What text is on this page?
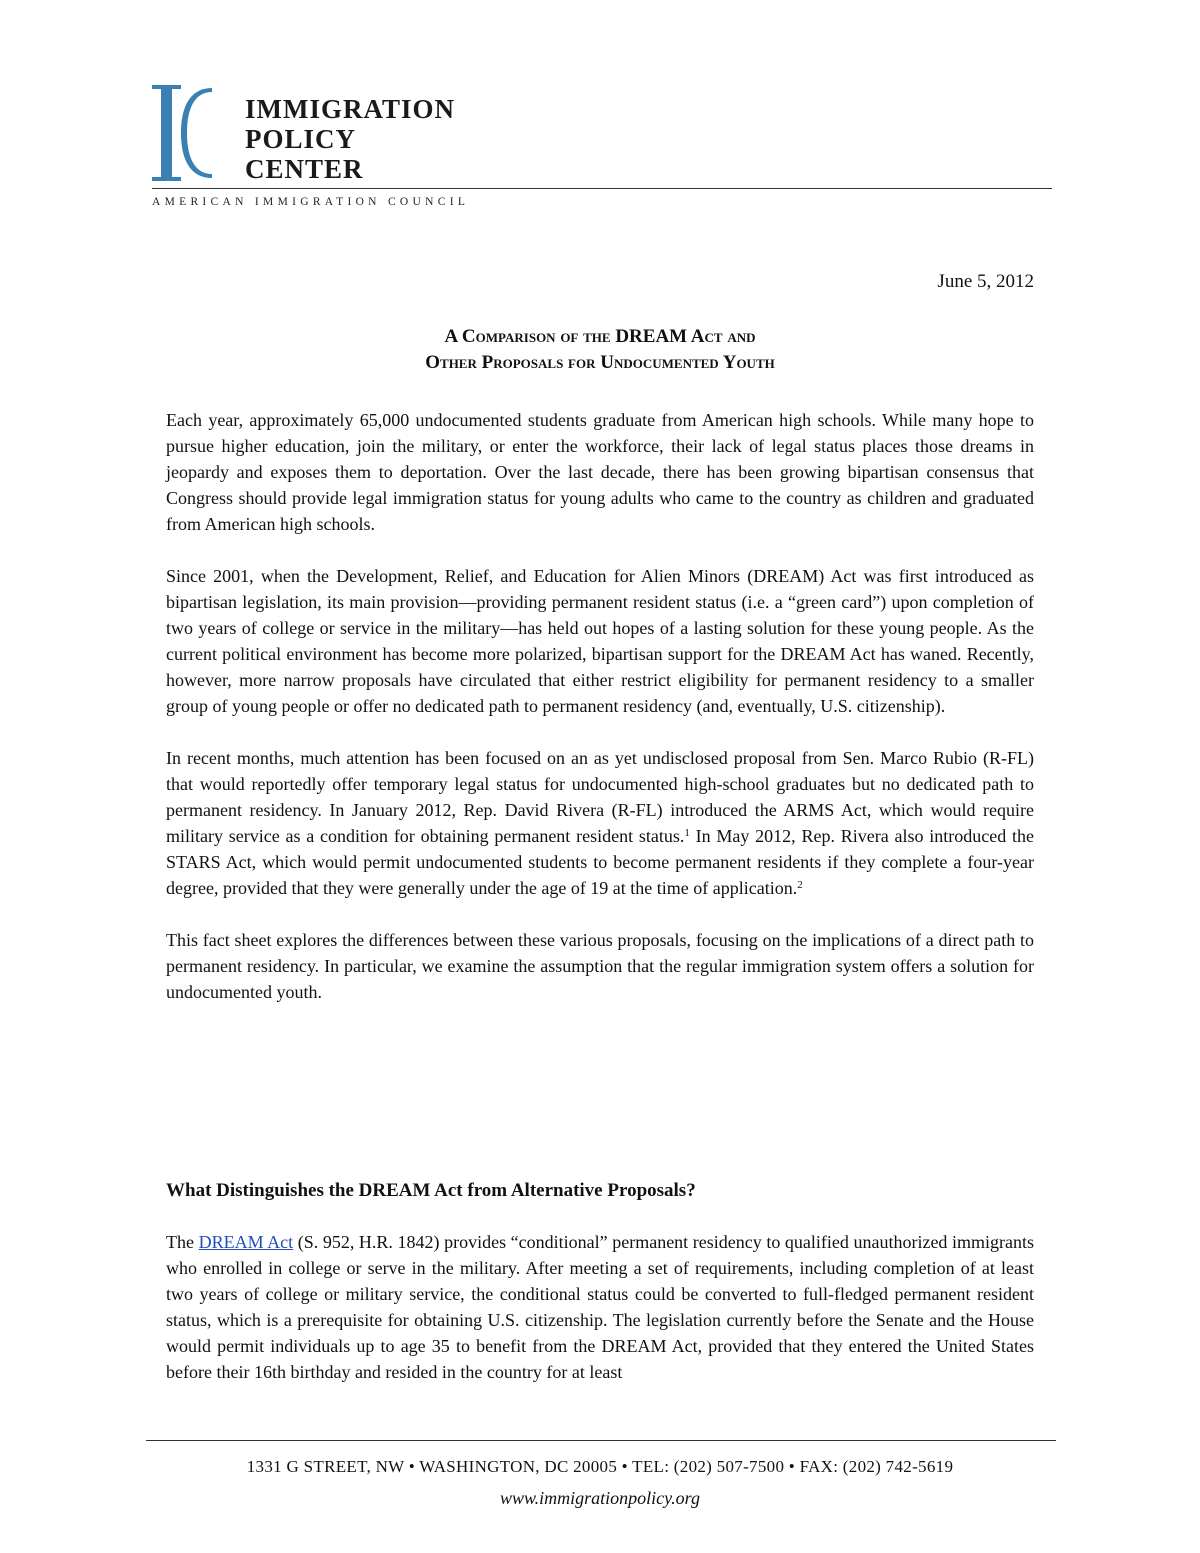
IMMIGRATION
POLICY
CENTER
AMERICAN IMMIGRATION COUNCIL
June 5, 2012
A Comparison of the DREAM Act and
Other Proposals for Undocumented Youth

Each year, approximately 65,000 undocumented students graduate from American high schools. While many hope to pursue higher education, join the military, or enter the workforce, their lack of legal status places those dreams in jeopardy and exposes them to deportation. Over the last decade, there has been growing bipartisan consensus that Congress should provide legal immigration status for young adults who came to the country as children and graduated from American high schools.

Since 2001, when the Development, Relief, and Education for Alien Minors (DREAM) Act was first introduced as bipartisan legislation, its main provision—providing permanent resident status (i.e. a “green card”) upon completion of two years of college or service in the military—has held out hopes of a lasting solution for these young people. As the current political environment has become more polarized, bipartisan support for the DREAM Act has waned. Recently, however, more narrow proposals have circulated that either restrict eligibility for permanent residency to a smaller group of young people or offer no dedicated path to permanent residency (and, eventually, U.S. citizenship).

In recent months, much attention has been focused on an as yet undisclosed proposal from Sen. Marco Rubio (R-FL) that would reportedly offer temporary legal status for undocumented high-school graduates but no dedicated path to permanent residency. In January 2012, Rep. David Rivera (R-FL) introduced the ARMS Act, which would require military service as a condition for obtaining permanent resident status.$^1$ In May 2012, Rep. Rivera also introduced the STARS Act, which would permit undocumented students to become permanent residents if they complete a four-year degree, provided that they were generally under the age of 19 at the time of application.$^2$

This fact sheet explores the differences between these various proposals, focusing on the implications of a direct path to permanent residency. In particular, we examine the assumption that the regular immigration system offers a solution for undocumented youth.

What Distinguishes the DREAM Act from Alternative Proposals?

The DREAM Act (S. 952, H.R. 1842) provides “conditional” permanent residency to qualified unauthorized immigrants who enrolled in college or serve in the military. After meeting a set of requirements, including completion of at least two years of college or military service, the conditional status could be converted to full-fledged permanent resident status, which is a prerequisite for obtaining U.S. citizenship. The legislation currently before the Senate and the House would permit individuals up to age 35 to benefit from the DREAM Act, provided that they entered the United States before their 16th birthday and resided in the country for at least

1331 G STREET, NW • WASHINGTON, DC 20005 • TEL: (202) 507-7500 • FAX: (202) 742-5619
www.immigrationpolicy.org
